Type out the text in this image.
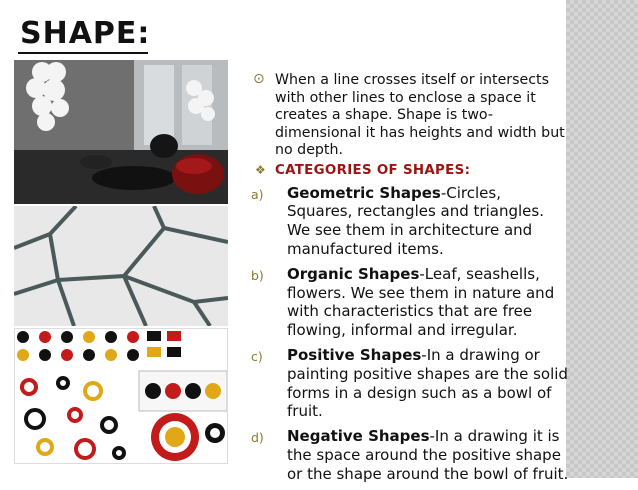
SHAPE:
⊙ When a line crosses itself or intersects with other lines to enclose a space it creates a shape. Shape is two-dimensional it has heights and width but no depth.
❖ CATEGORIES OF SHAPES:
a) Geometric Shapes-Circles, Squares, rectangles and triangles. We see them in architecture and manufactured items.
b) Organic Shapes-Leaf, seashells, flowers. We see them in nature and with characteristics that are free flowing, informal and irregular.
c) Positive Shapes-In a drawing or painting positive shapes are the solid forms in a design such as a bowl of fruit.
d) Negative Shapes-In a drawing it is the space around the positive shape or the shape around the bowl of fruit.
